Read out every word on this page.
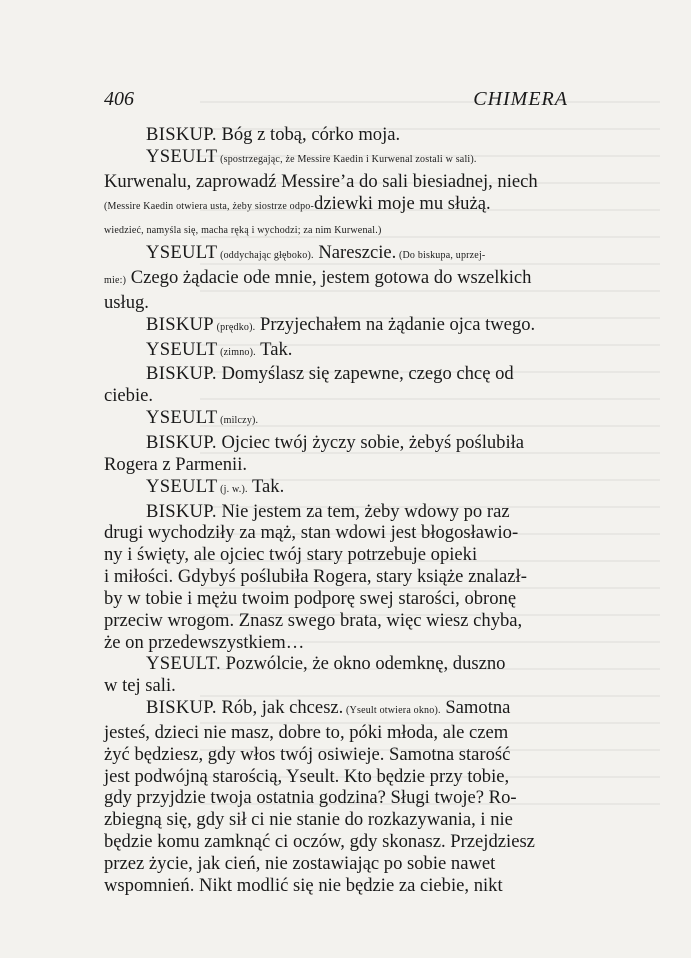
406	CHIMERA

BISKUP. Bóg z tobą, córko moja.

YSEULT (spostrzegając, że Messire Kaedin i Kurwenal zostali w sali).

Kurwenalu, zaprowadź Messire’a do sali biesiadnej, niech

(Messire Kaedin otwiera usta, żeby siostrze odpo-dziewki moje mu służą.

wiedzieć, namyśla się, macha ręką i wychodzi; za nim Kurwenal.)

YSEULT (oddychając głęboko). Nareszcie. (Do biskupa, uprzej-

mie:) Czego żądacie ode mnie, jestem gotowa do wszelkich

usług.

BISKUP (prędko). Przyjechałem na żądanie ojca twego.

YSEULT (zimno). Tak.

BISKUP. Domyślasz się zapewne, czego chcę od

ciebie.

YSEULT (milczy).

BISKUP. Ojciec twój życzy sobie, żebyś poślubiła

Rogera z Parmenii.

YSEULT (j. w.). Tak.

BISKUP. Nie jestem za tem, żeby wdowy po raz

drugi wychodziły za mąż, stan wdowi jest błogosławio-

ny i święty, ale ojciec twój stary potrzebuje opieki

i miłości. Gdybyś poślubiła Rogera, stary książe znalazł-

by w tobie i mężu twoim podporę swej starości, obronę

przeciw wrogom. Znasz swego brata, więc wiesz chyba,

że on przedewszystkiem…

YSEULT. Pozwólcie, że okno odemknę, duszno

w tej sali.

BISKUP. Rób, jak chcesz. (Yseult otwiera okno). Samotna

jesteś, dzieci nie masz, dobre to, póki młoda, ale czem

żyć będziesz, gdy włos twój osiwieje. Samotna starość

jest podwójną starością, Yseult. Kto będzie przy tobie,

gdy przyjdzie twoja ostatnia godzina? Sługi twoje? Ro-

zbiegną się, gdy sił ci nie stanie do rozkazywania, i nie

będzie komu zamknąć ci oczów, gdy skonasz. Przejdziesz

przez życie, jak cień, nie zostawiając po sobie nawet

wspomnień. Nikt modlić się nie będzie za ciebie, nikt
